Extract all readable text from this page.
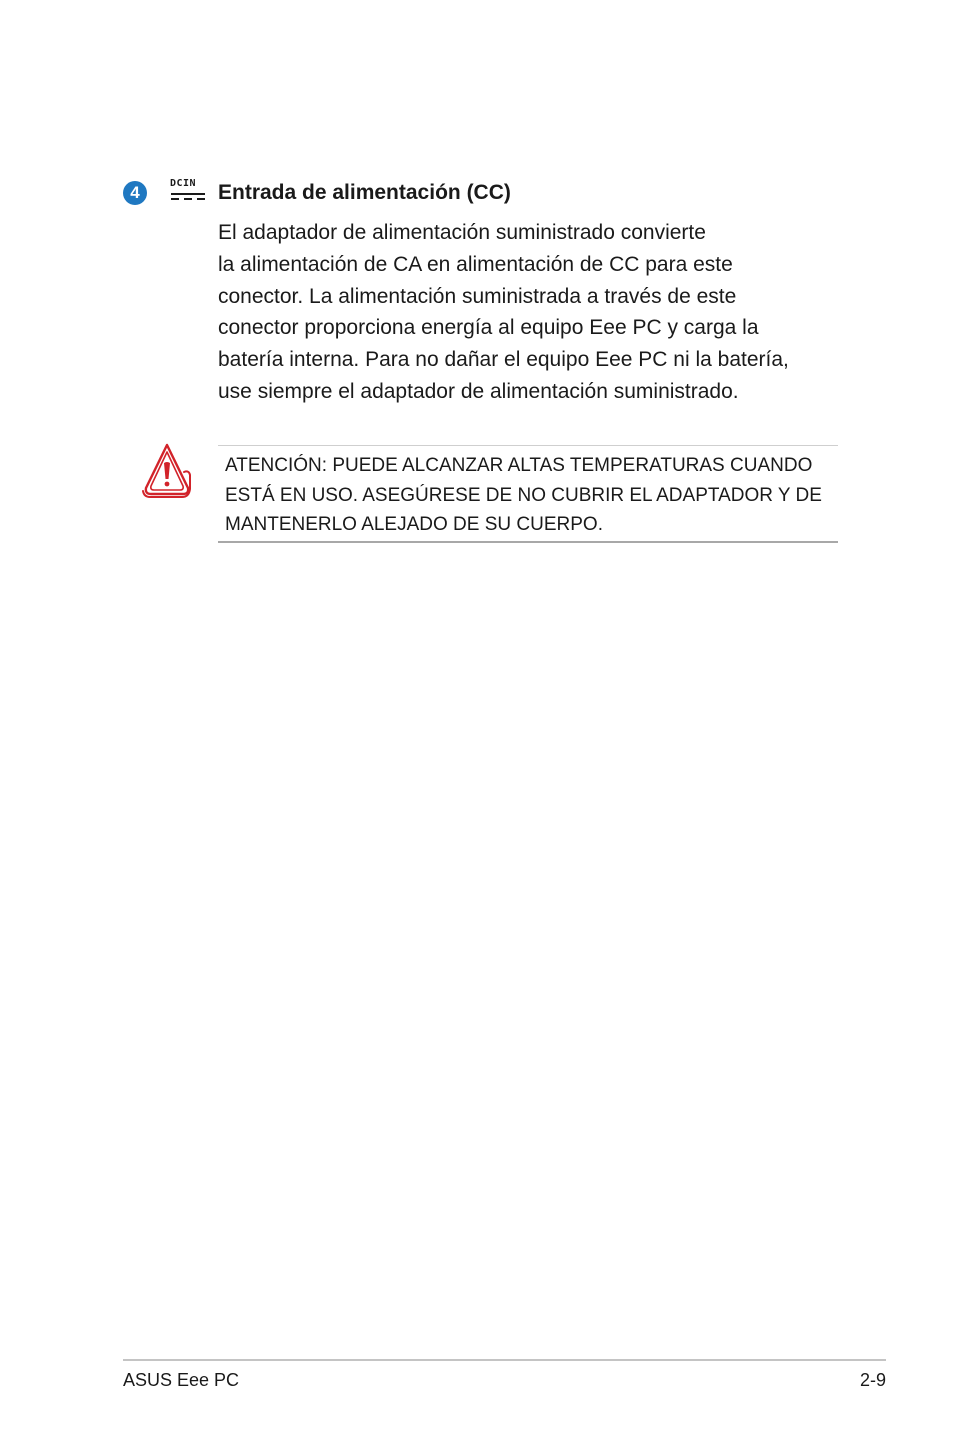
4	DCIN	Entrada de alimentación (CC)

El adaptador de alimentación suministrado convierte
la alimentación de CA en alimentación de CC para este
conector. La alimentación suministrada a través de este
conector proporciona energía al equipo Eee PC y carga la
batería interna. Para no dañar el equipo Eee PC ni la batería,
use siempre el adaptador de alimentación suministrado.

ATENCIÓN: PUEDE ALCANZAR ALTAS TEMPERATURAS CUANDO
ESTÁ EN USO. ASEGÚRESE DE NO CUBRIR EL ADAPTADOR Y DE
MANTENERLO ALEJADO DE SU CUERPO.

ASUS Eee PC	2-9
